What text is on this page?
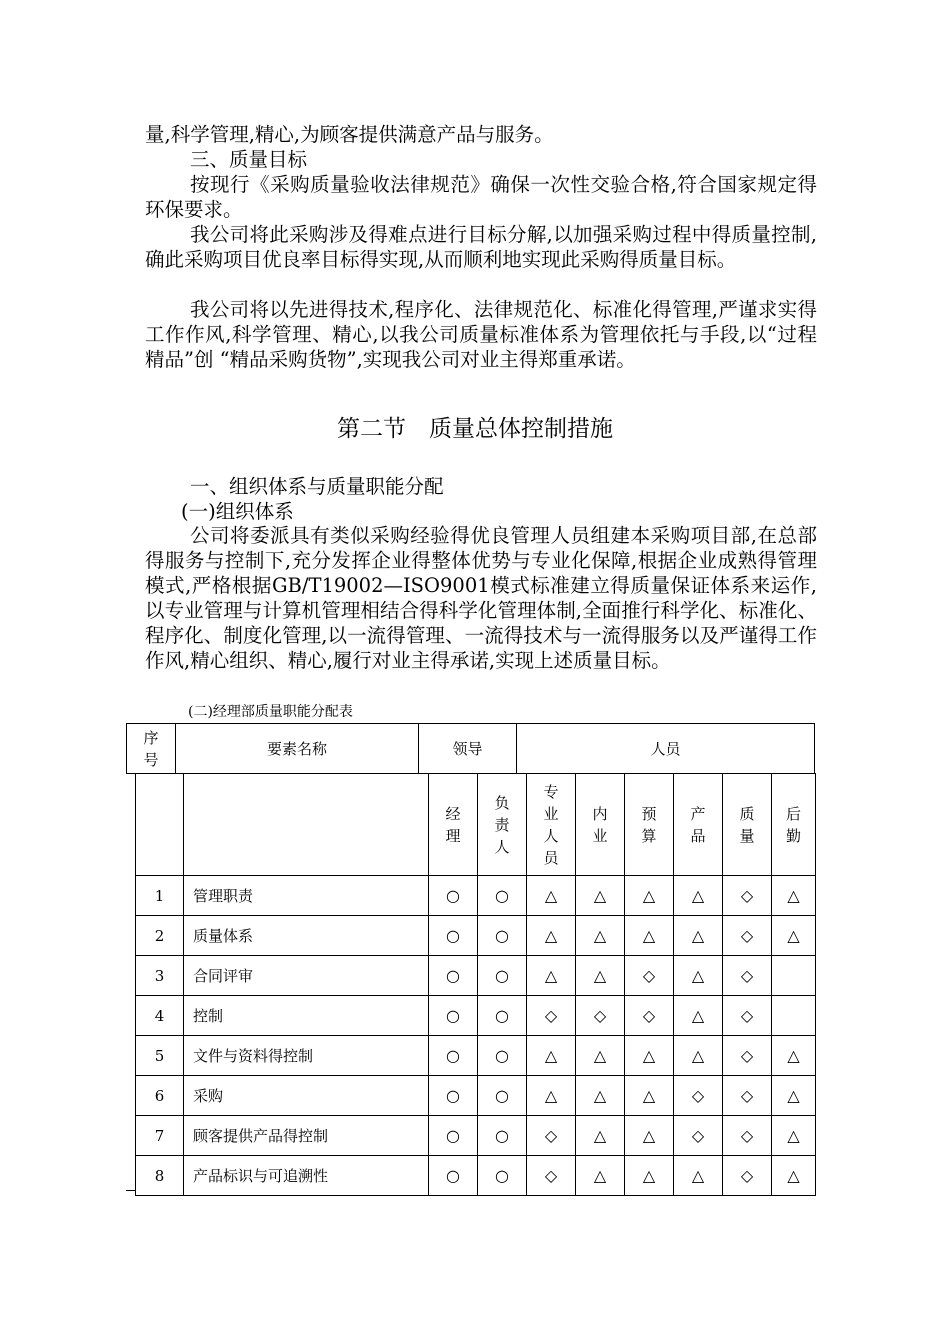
量,科学管理,精心,为顾客提供满意产品与服务。
三、质量目标
按现行《采购质量验收法律规范》确保一次性交验合格,符合国家规定得环保要求。
我公司将此采购涉及得难点进行目标分解,以加强采购过程中得质量控制,确此采购项目优良率目标得实现,从而顺利地实现此采购得质量目标。
我公司将以先进得技术,程序化、法律规范化、标准化得管理,严谨求实得工作作风,科学管理、精心,以我公司质量标准体系为管理依托与手段,以“过程精品”创 “精品采购货物”,实现我公司对业主得郑重承诺。
第二节　质量总体控制措施
一、组织体系与质量职能分配
(一)组织体系
公司将委派具有类似采购经验得优良管理人员组建本采购项目部,在总部得服务与控制下,充分发挥企业得整体优势与专业化保障,根据企业成熟得管理模式,严格根据GB/T19002—ISO9001模式标准建立得质量保证体系来运作,以专业管理与计算机管理相结合得科学化管理体制,全面推行科学化、标准化、程序化、制度化管理,以一流得管理、一流得技术与一流得服务以及严谨得工作作风,精心组织、精心,履行对业主得承诺,实现上述质量目标。
(二)经理部质量职能分配表
序号	要素名称	领导	人员
		经理	负责人	专业人员	内业	预算	产品	质量	后勤
1	管理职责	○	○	△	△	△	△	◇	△
2	质量体系	○	○	△	△	△	△	◇	△
3	合同评审	○	○	△	△	◇	△	◇	
4	控制	○	○	◇	◇	◇	△	◇	
5	文件与资料得控制	○	○	△	△	△	△	◇	△
6	采购	○	○	△	△	△	◇	◇	△
7	顾客提供产品得控制	○	○	◇	△	△	◇	◇	△
8	产品标识与可追溯性	○	○	◇	△	△	△	◇	△
